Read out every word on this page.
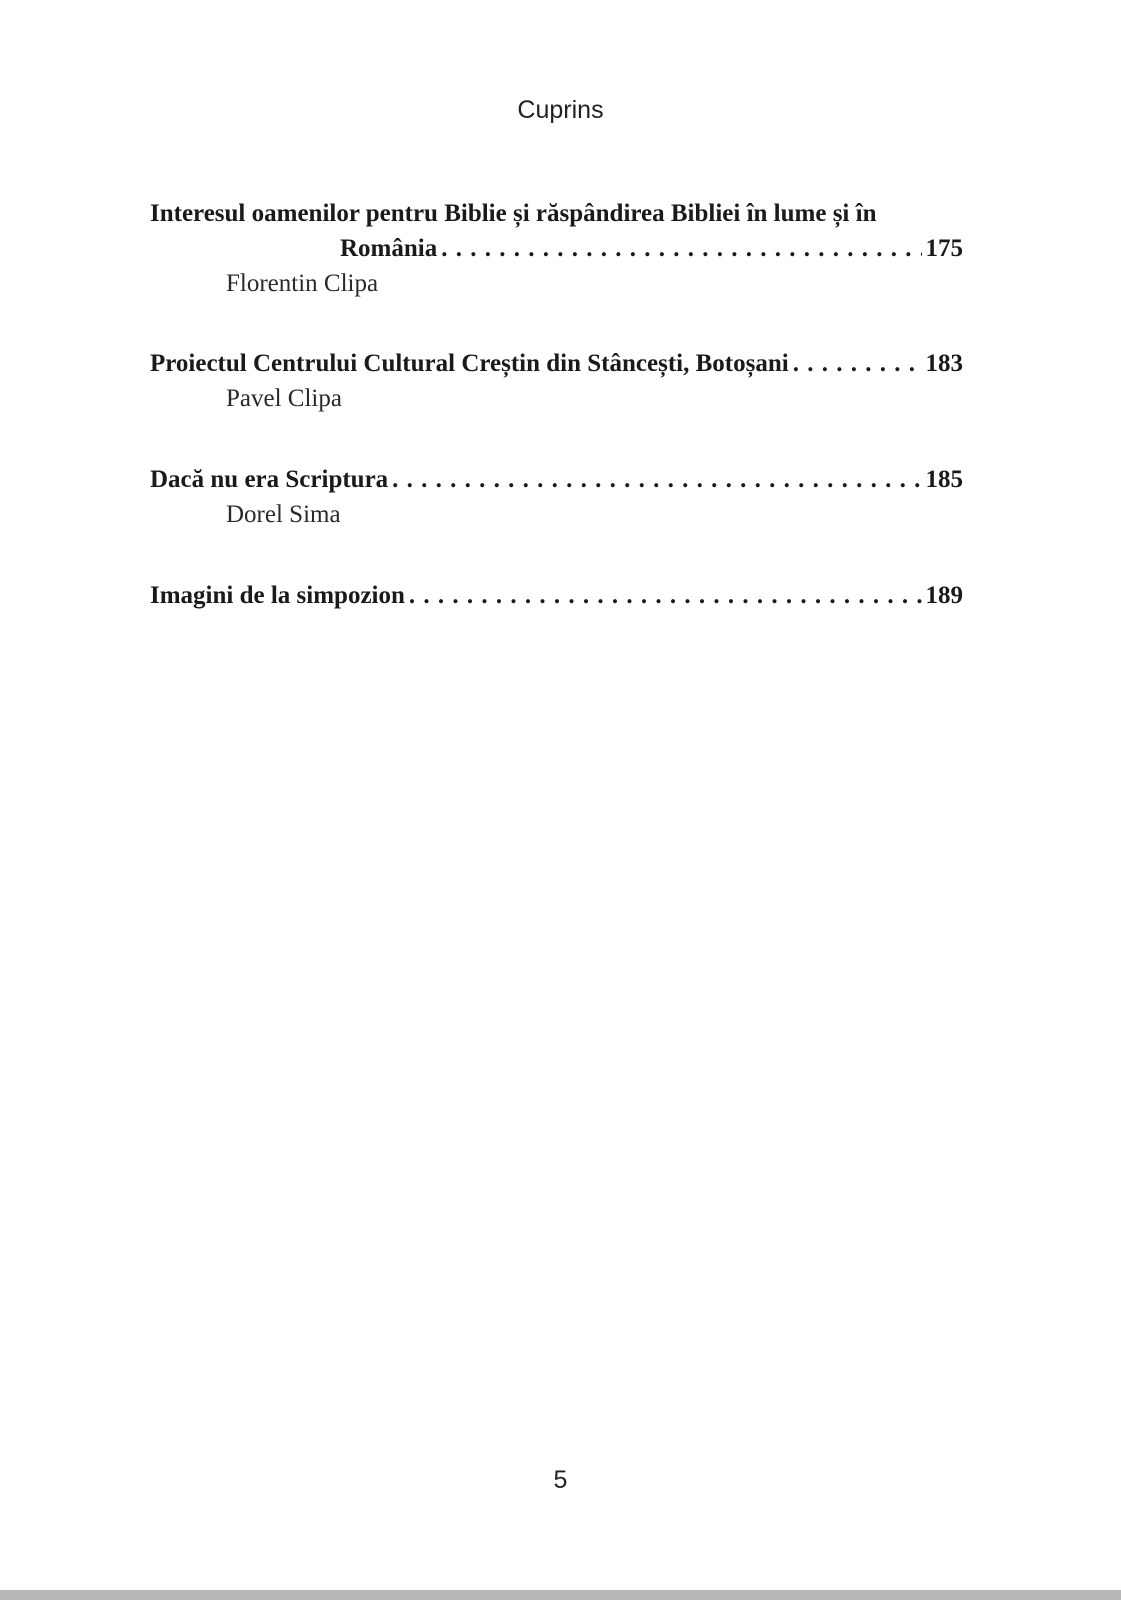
Cuprins
Interesul oamenilor pentru Biblie și răspândirea Bibliei în lume și în
România . . .	175
Florentin Clipa
Proiectul Centrului Cultural Creștin din Stâncești, Botoșani . . .	183
Pavel Clipa
Dacă nu era Scriptura . . .	185
Dorel Sima
Imagini de la simpozion . . .	189
5
